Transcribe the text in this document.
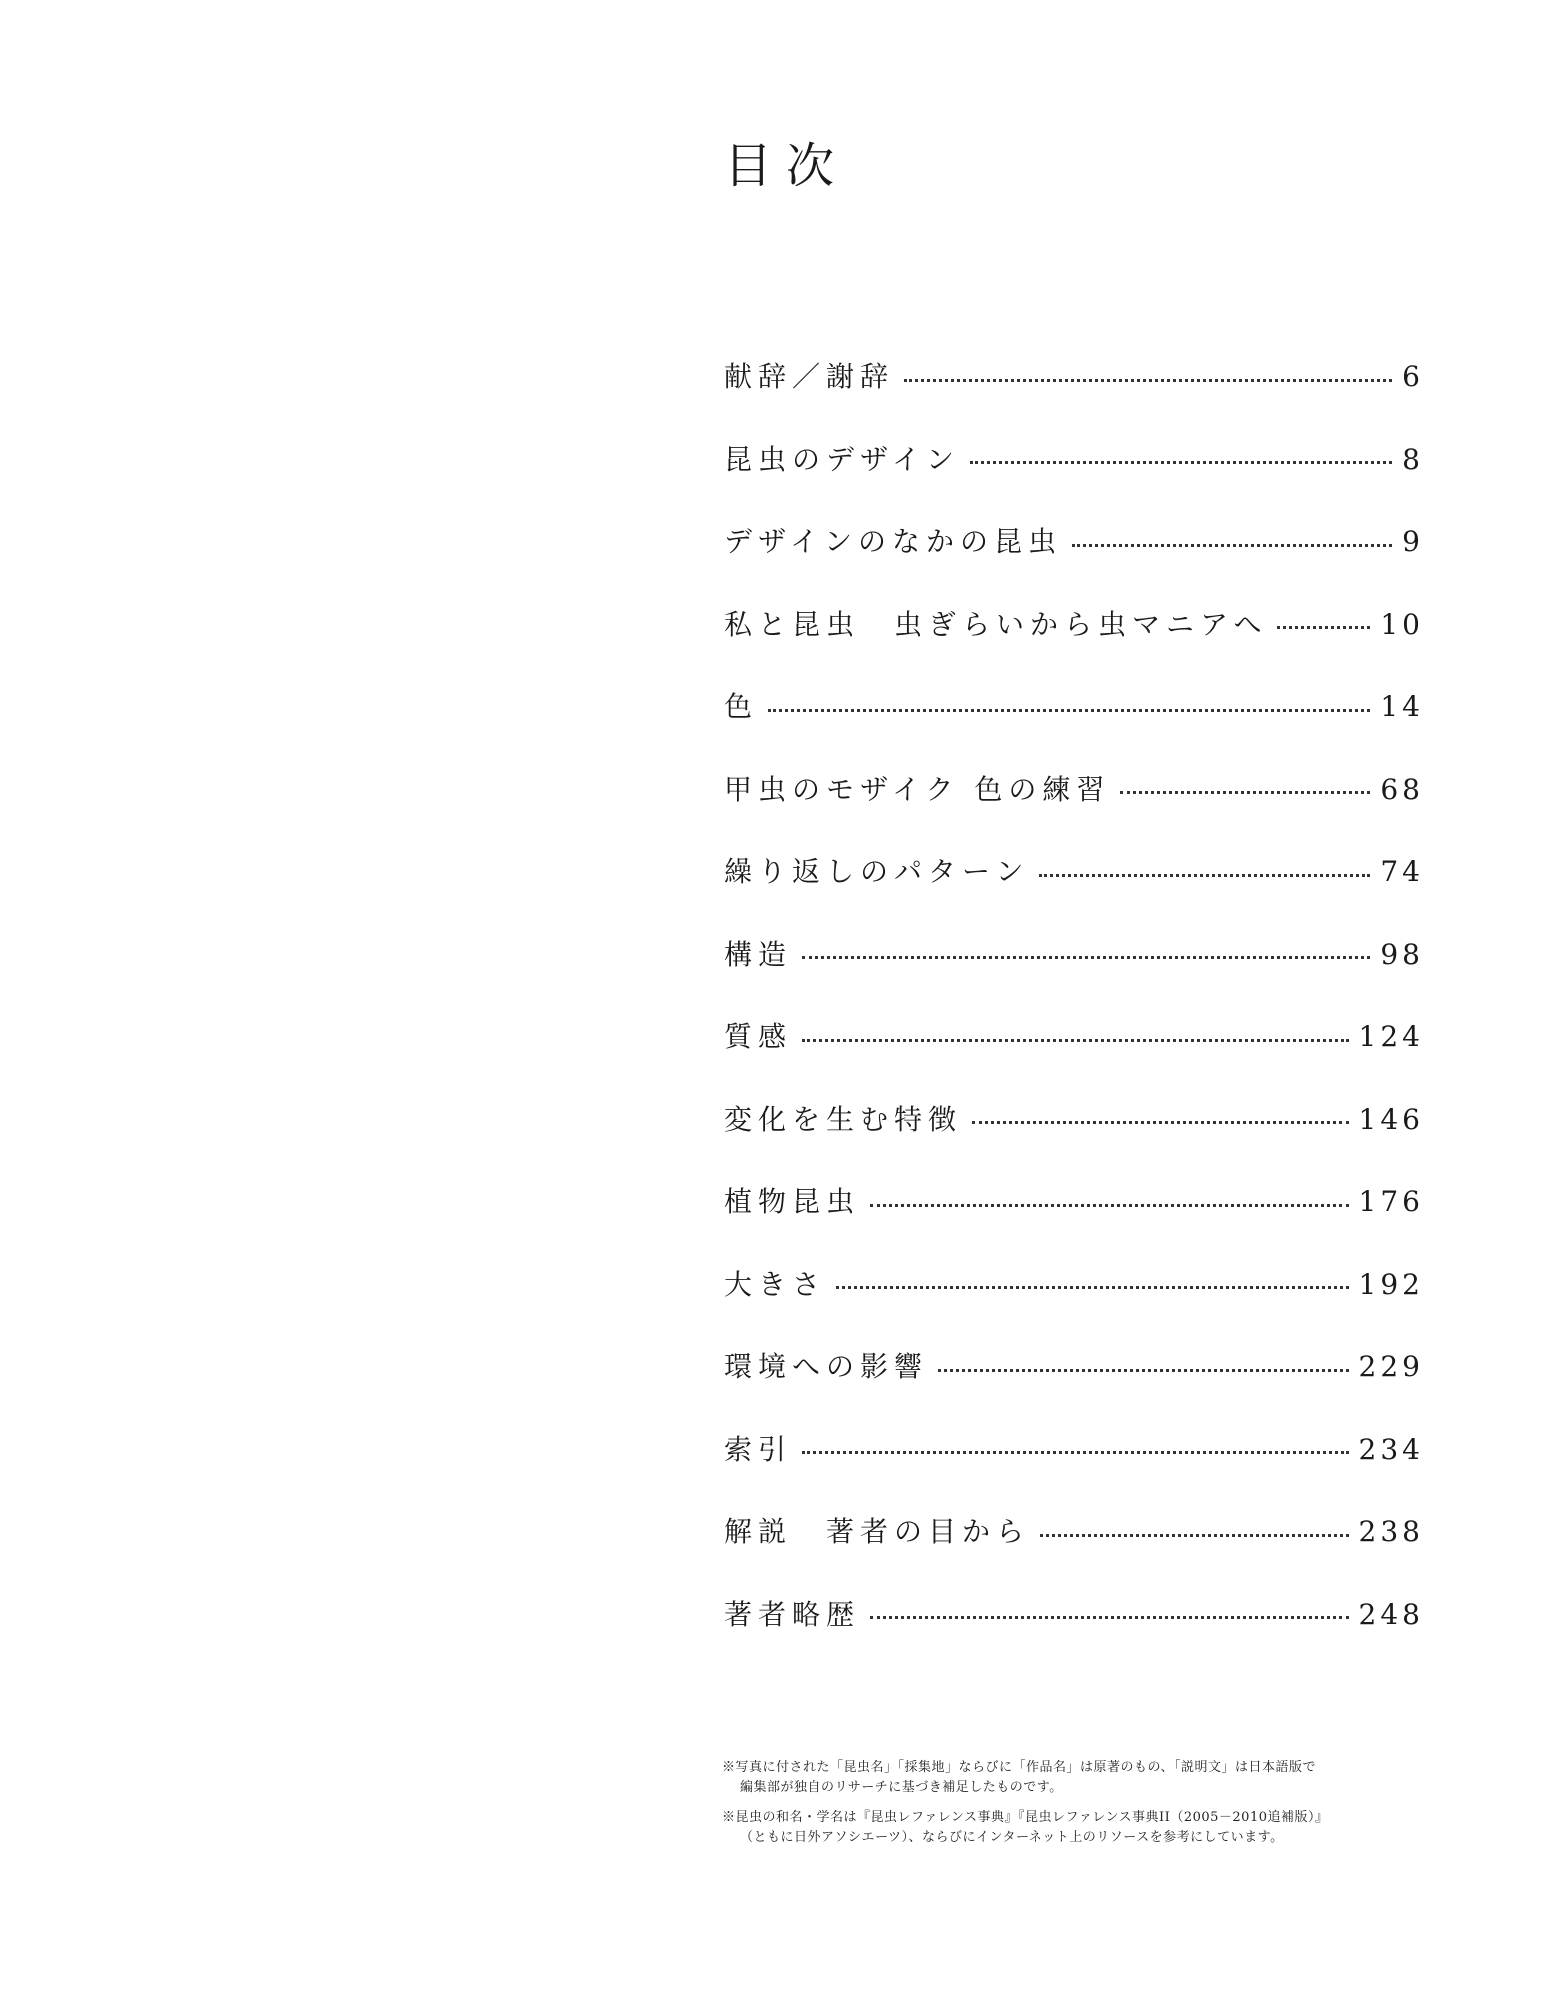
目次
献辞／謝辞	6
昆虫のデザイン	8
デザインのなかの昆虫	9
私と昆虫　虫ぎらいから虫マニアへ	10
色	14
甲虫のモザイク 色の練習	68
繰り返しのパターン	74
構造	98
質感	124
変化を生む特徴	146
植物昆虫	176
大きさ	192
環境への影響	229
索引	234
解説　著者の目から	238
著者略歴	248

※写真に付された「昆虫名」「採集地」ならびに「作品名」は原著のもの、「説明文」は日本語版で
編集部が独自のリサーチに基づき補足したものです。

※昆虫の和名・学名は『昆虫レファレンス事典』『昆虫レファレンス事典II（2005－2010追補版）』
（ともに日外アソシエーツ）、ならびにインターネット上のリソースを参考にしています。
